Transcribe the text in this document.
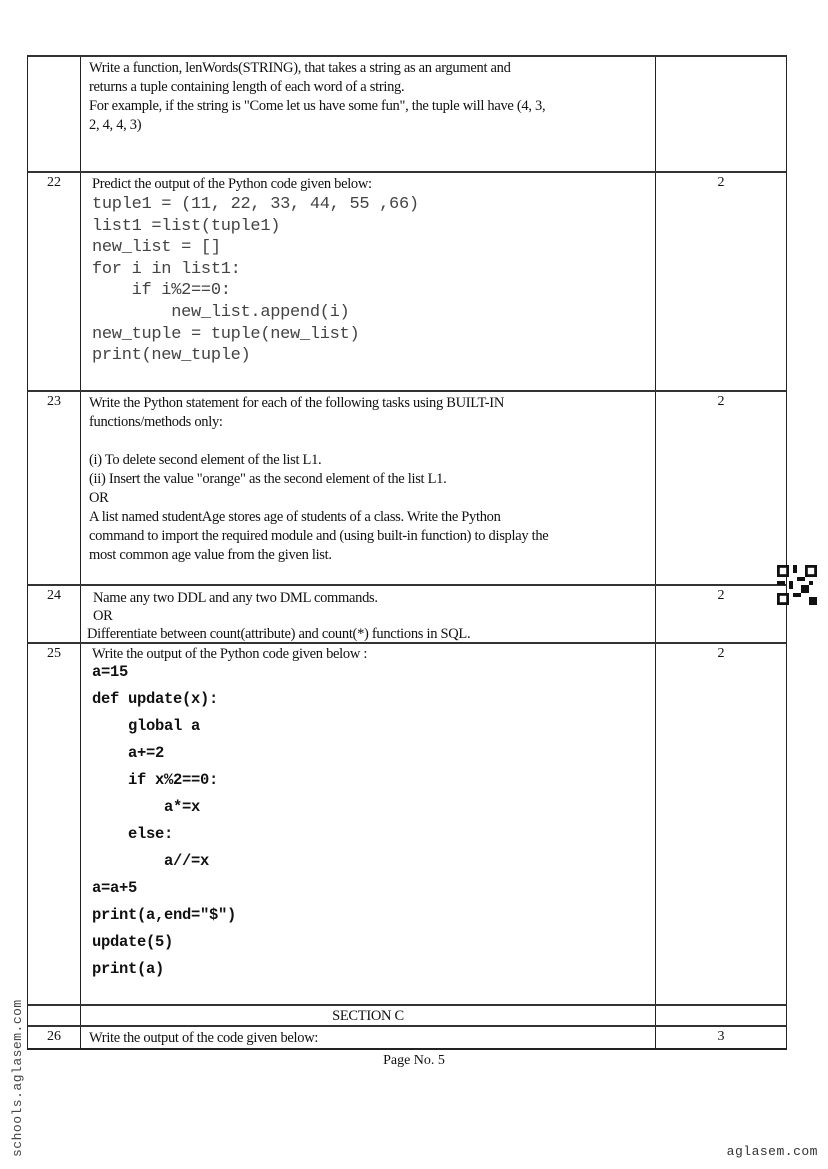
Write a function, lenWords(STRING), that takes a string as an argument and

returns a tuple containing length of each word of a string.

For example, if the string is "Come let us have some fun", the tuple will have (4, 3,

2, 4, 4, 3)

22	Predict the output of the Python code given below:

tuple1 = (11, 22, 33, 44, 55 ,66)
list1 =list(tuple1)
new_list = []
for i in list1:
if i%2==0:
new_list.append(i)
new_tuple = tuple(new_list)
print(new_tuple)
2
23	Write the Python statement for each of the following tasks using BUILT-IN

functions/methods only:

(i) To delete second element of the list L1.

(ii) Insert the value "orange" as the second element of the list L1.

OR

A list named studentAge stores age of students of a class. Write the Python

command to import the required module and (using built-in function) to display the

most common age value from the given list.

2
24	Name any two DDL and any two DML commands.

OR

Differentiate between count(attribute) and count(*) functions in SQL.

2
25	Write the output of the Python code given below :

a=15
def update(x):
global a
a+=2
if x%2==0:
a*=x
else:
a//=x
a=a+5
print(a,end="$")
update(5)
print(a)
2
SECTION C
26	Write the output of the code given below:	3
Page No. 5
schools.aglasem.com	aglasem.com
